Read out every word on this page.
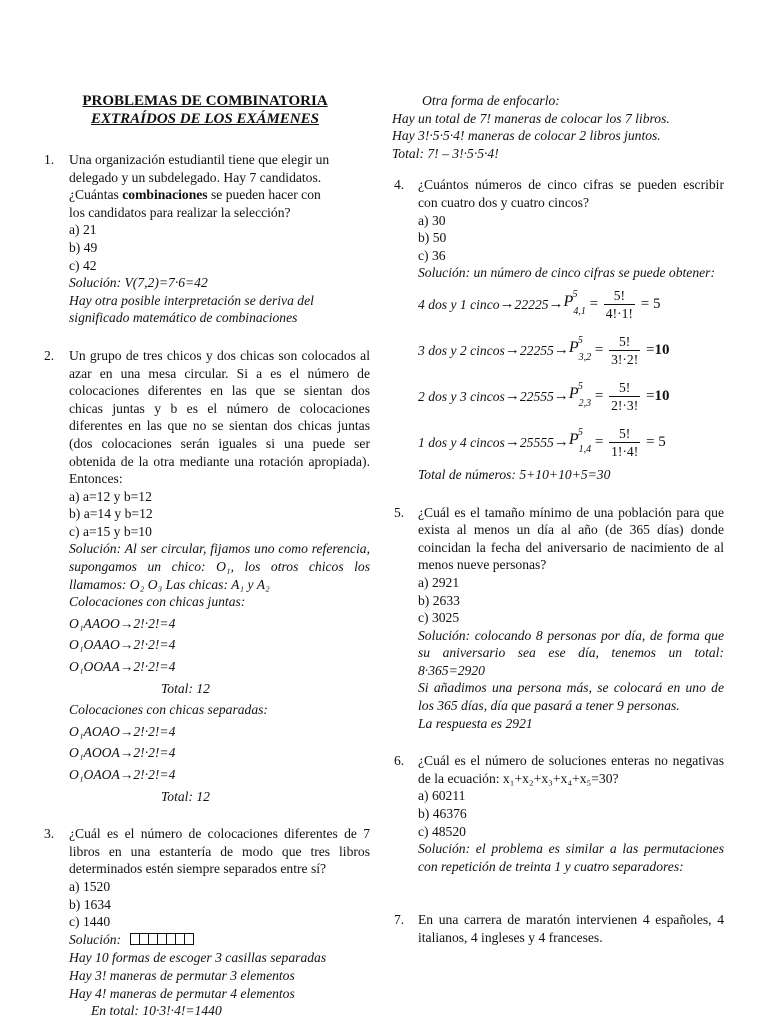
PROBLEMAS DE COMBINATORIA
EXTRAÍDOS DE LOS EXÁMENES
1. Una organización estudiantil tiene que elegir un
delegado y un subdelegado. Hay 7 candidatos.
¿Cuántas combinaciones se pueden hacer con
los candidatos para realizar la selección?
a) 21
b) 49
c) 42
Solución: V(7,2)=7·6=42
Hay otra posible interpretación se deriva del
significado matemático de combinaciones
2. Un grupo de tres chicos y dos chicas son colocados al azar en una mesa circular. Si a es el número de colocaciones diferentes en las que se sientan dos chicas juntas y b es el número de colocaciones diferentes en las que no se sientan dos chicas juntas (dos colocaciones serán iguales si una puede ser obtenida de la otra mediante una rotación apropiada). Entonces:
a) a=12 y b=12
b) a=14 y b=12
c) a=15 y b=10
Solución: Al ser circular, fijamos uno como referencia, supongamos un chico: O₁, los otros chicos los llamamos: O₂ O₃ Las chicas: A₁ y A₂
Colocaciones con chicas juntas:
O₁AAOO→2!·2!=4
O₁OAAO→2!·2!=4
O₁OOAA→2!·2!=4
Total: 12
Colocaciones con chicas separadas:
O₁AOAO→2!·2!=4
O₁AOOA→2!·2!=4
O₁OAOA→2!·2!=4
Total: 12
3. ¿Cuál es el número de colocaciones diferentes de 7 libros en una estantería de modo que tres libros determinados estén siempre separados entre sí?
a) 1520
b) 1634
c) 1440
Solución:
Hay 10 formas de escoger 3 casillas separadas
Hay 3! maneras de permutar 3 elementos
Hay 4! maneras de permutar 4 elementos
En total: 10·3!·4!=1440
Otra forma de enfocarlo:
Hay un total de 7! maneras de colocar los 7 libros.
Hay 3!·5·5·4! maneras de colocar 2 libros juntos.
Total: 7! – 3!·5·5·4!
4. ¿Cuántos números de cinco cifras se pueden escribir con cuatro dos y cuatro cincos?
a) 30
b) 50
c) 36
Solución: un número de cinco cifras se puede obtener:
4 dos y 1 cinco → 22225 → P 5
$_{4,1} = \frac{5!}{4!\cdot 1!} = 5$
3 dos y 2 cincos → 22255 → P 5
$_{3,2} = \frac{5!}{3!\cdot 2!} = 10$
2 dos y 3 cincos → 22555 → P 5
$_{2,3} = \frac{5!}{2!\cdot 3!} = 10$
1 dos y 4 cincos → 25555 → P 5
$_{1,4} = \frac{5!}{1!\cdot 4!} = 5$
Total de números: 5+10+10+5=30
5. ¿Cuál es el tamaño mínimo de una población para que exista al menos un día al año (de 365 días) donde coincidan la fecha del aniversario de nacimiento de al menos nueve personas?
a) 2921
b) 2633
c) 3025
Solución: colocando 8 personas por día, de forma que su aniversario sea ese día, tenemos un total: 8·365=2920
Si añadimos una persona más, se colocará en uno de los 365 días, día que pasará a tener 9 personas.
La respuesta es 2921
6. ¿Cuál es el número de soluciones enteras no negativas de la ecuación: x₁+x₂+x₃+x₄+x₅=30?
a) 60211
b) 46376
c) 48520
Solución: el problema es similar a las permutaciones con repetición de treinta 1 y cuatro separadores:
7. En una carrera de maratón intervienen 4 españoles, 4 italianos, 4 ingleses y 4 franceses.
